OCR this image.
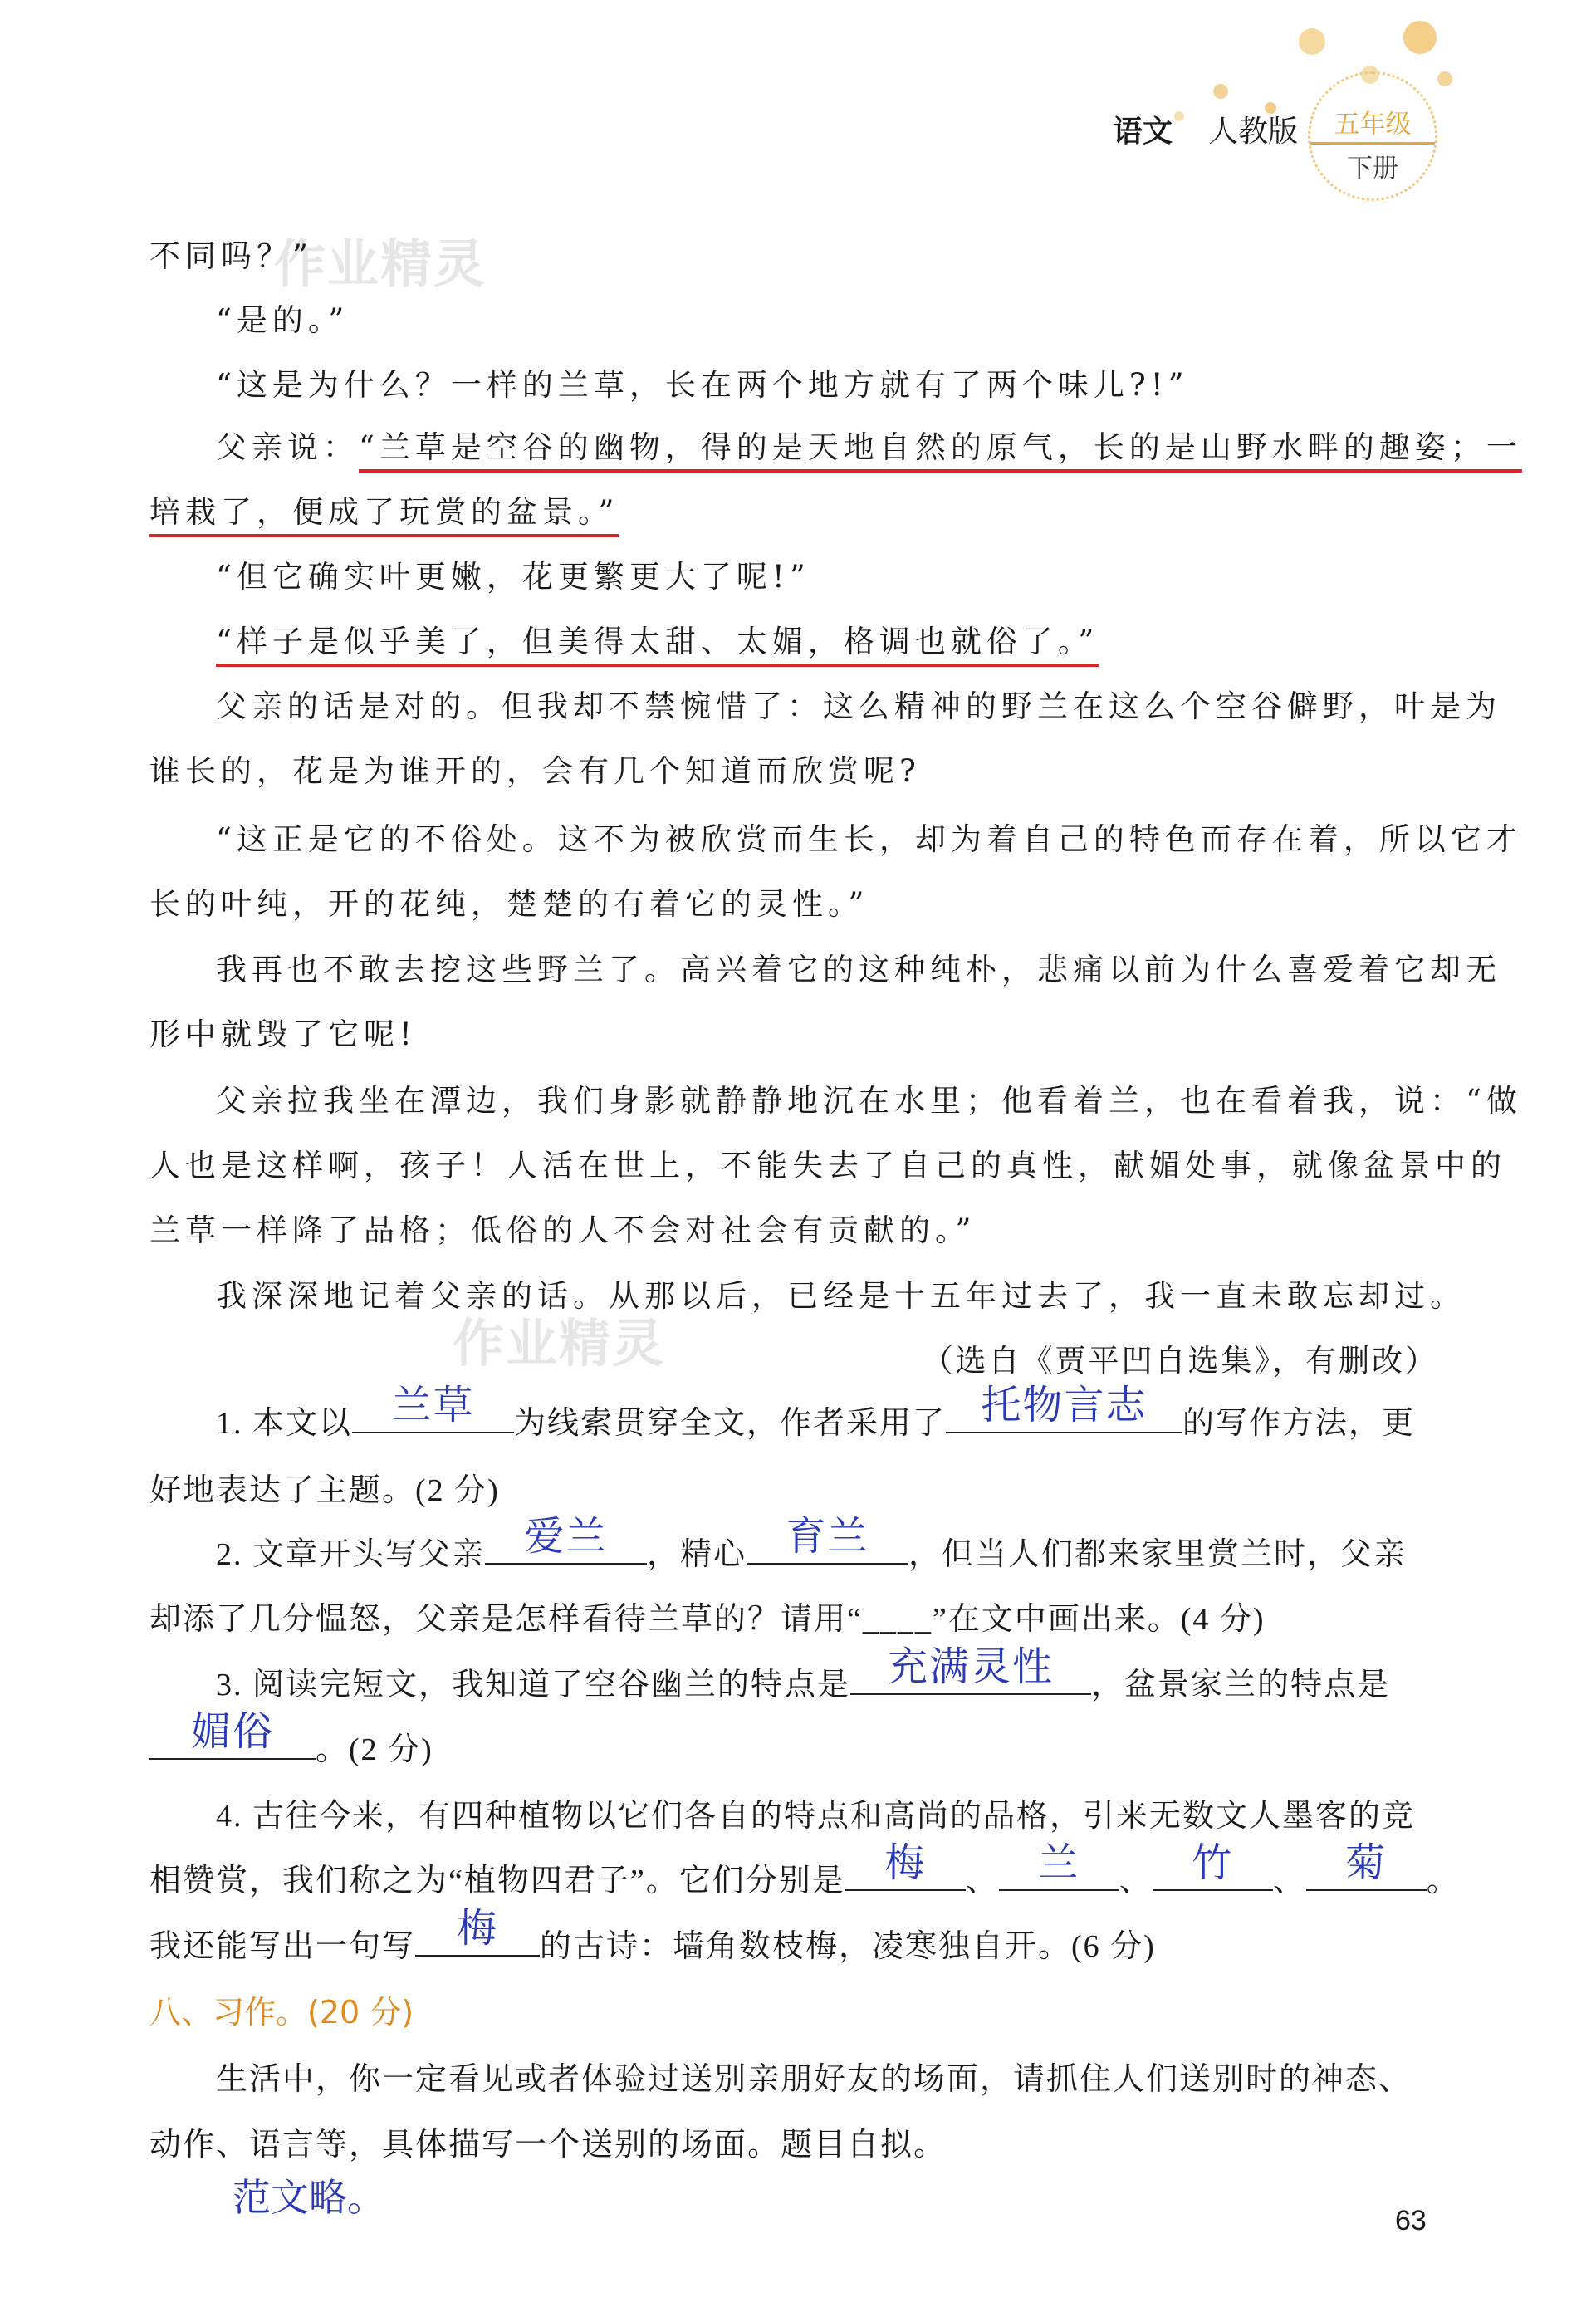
语文 人教版	五年级
下册
作业精灵
作业精灵
不同吗？”
“是的。”
“这是为什么？一样的兰草，长在两个地方就有了两个味儿?!”
父亲说：“兰草是空谷的幽物，得的是天地自然的原气，长的是山野水畔的趣姿；一
培栽了，便成了玩赏的盆景。”
“但它确实叶更嫩，花更繁更大了呢!”
“样子是似乎美了，但美得太甜、太媚，格调也就俗了。”
父亲的话是对的。但我却不禁惋惜了：这么精神的野兰在这么个空谷僻野，叶是为
谁长的，花是为谁开的，会有几个知道而欣赏呢?
“这正是它的不俗处。这不为被欣赏而生长，却为着自己的特色而存在着，所以它才
长的叶纯，开的花纯，楚楚的有着它的灵性。”
我再也不敢去挖这些野兰了。高兴着它的这种纯朴，悲痛以前为什么喜爱着它却无
形中就毁了它呢!
父亲拉我坐在潭边，我们身影就静静地沉在水里；他看着兰，也在看着我，说：“做
人也是这样啊，孩子！人活在世上，不能失去了自己的真性，献媚处事，就像盆景中的
兰草一样降了品格；低俗的人不会对社会有贡献的。”
我深深地记着父亲的话。从那以后，已经是十五年过去了，我一直未敢忘却过。
（选自《贾平凹自选集》，有删改）
1. 本文以 兰草	为线索贯穿全文，作者采用了 托物言志	的写作方法，更
好地表达了主题。(2 分)
2. 文章开头写父亲 爱兰	，精心 育兰	，但当人们都来家里赏兰时，父亲
却添了几分愠怒，父亲是怎样看待兰草的？请用“____”在文中画出来。(4 分)
3. 阅读完短文，我知道了空谷幽兰的特点是 充满灵性	，盆景家兰的特点是
媚俗	。(2 分)
4. 古往今来，有四种植物以它们各自的特点和高尚的品格，引来无数文人墨客的竞
相赞赏，我们称之为“植物四君子”。它们分别是 梅	、 兰	、 竹	、 菊	。
我还能写出一句写	梅	的古诗：墙角数枝梅，凌寒独自开。(6 分)
八、习作。(20 分)
生活中，你一定看见或者体验过送别亲朋好友的场面，请抓住人们送别时的神态、
动作、语言等，具体描写一个送别的场面。题目自拟。
范文略。
63
